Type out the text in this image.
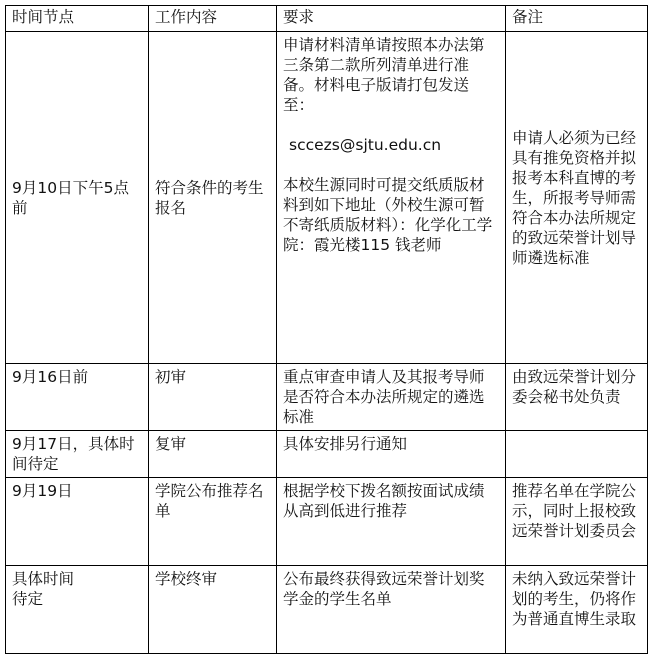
时间节点	工作内容	要求	备注
9月10日下午5点前	符合条件的考生报名	申请材料清单请按照本办法第三条第二款所列清单进行准备。材料电子版请打包发送至：
sccezs@sjtu.edu.cn
本校生源同时可提交纸质版材料到如下地址（外校生源可暂不寄纸质版材料）：化学化工学院：霞光楼115 钱老师	申请人必须为已经具有推免资格并拟报考本科直博的考生，所报考导师需符合本办法所规定的致远荣誉计划导师遴选标准
9月16日前	初审	重点审查申请人及其报考导师是否符合本办法所规定的遴选标准	由致远荣誉计划分委会秘书处负责
9月17日，具体时间待定	复审	具体安排另行通知	
9月19日	学院公布推荐名单	根据学校下拨名额按面试成绩从高到低进行推荐	推荐名单在学院公示，同时上报校致远荣誉计划委员会

具体时间
待定	学校终审	公布最终获得致远荣誉计划奖学金的学生名单	未纳入致远荣誉计划的考生，仍将作为普通直博生录取
